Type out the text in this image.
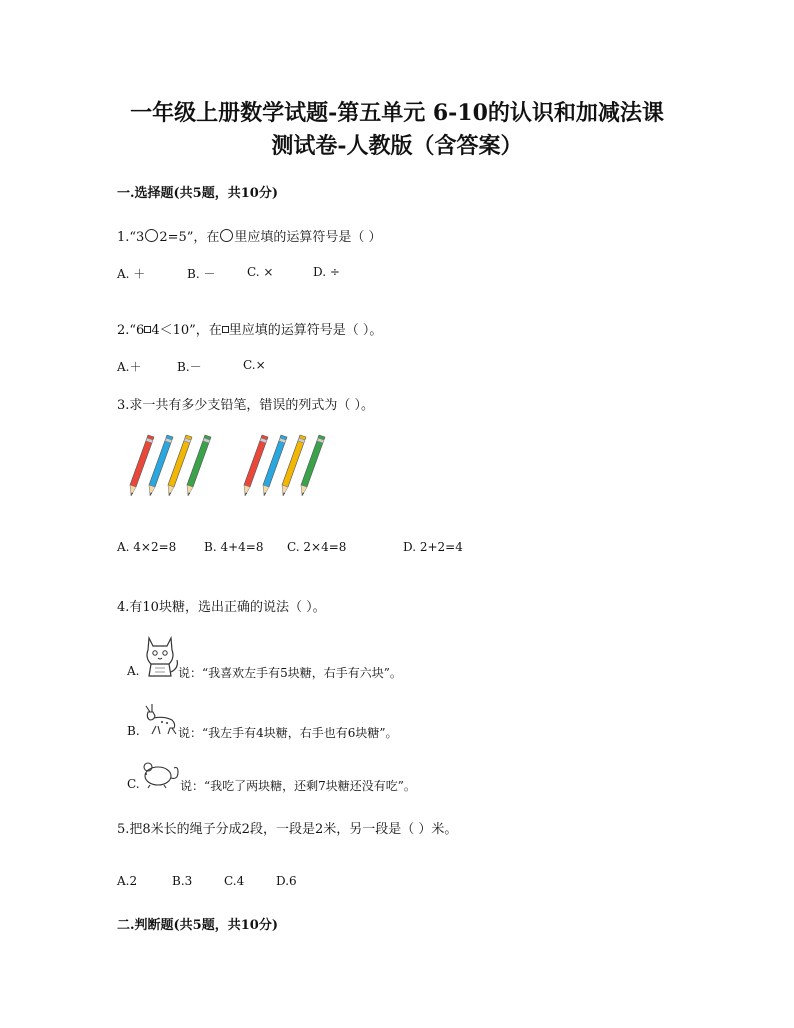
一年级上册数学试题-第五单元 6-10的认识和加减法课
测试卷-人教版（含答案）
一.选择题(共5题，共10分)
1.“3 2=5”，在 里应填的运算符号是（ ）

A. ＋

	B. －

	C. ×

	D. ÷

2.“6 4＜10”，在 里应填的运算符号是（ ）。

A.＋

	B.－

	C.×

3.求一共有多少支铅笔，错误的列式为（ ）。

A. 4×2=8

B. 4+4=8

C. 2×4=8

	D. 2+2=4

4.有10块糖，选出正确的说法（ ）。
A.	说：“我喜欢左手有5块糖，右手有六块”。
B.	说：“我左手有4块糖，右手也有6块糖”。
C.	说：“我吃了两块糖，还剩7块糖还没有吃”。
5.把8米长的绳子分成2段，一段是2米，另一段是（ ）米。

A.2

	B.3

	C.4

	D.6

二.判断题(共5题，共10分)
